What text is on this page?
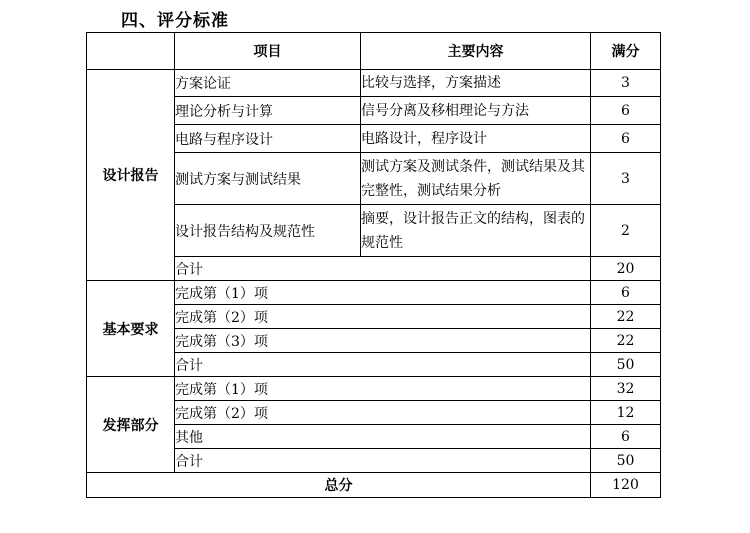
四、评分标准
	项目	主要内容	满分
设计报告	方案论证	比较与选择，方案描述	3
	理论分析与计算	信号分离及移相理论与方法	6
	电路与程序设计	电路设计，程序设计	6
	测试方案与测试结果	测试方案及测试条件，测试结果及其完整性，测试结果分析	3
	设计报告结构及规范性	摘要，设计报告正文的结构，图表的规范性	2
	合计		20
基本要求	完成第（1）项		6
	完成第（2）项		22
	完成第（3）项		22
	合计		50
发挥部分	完成第（1）项		32
	完成第（2）项		12
	其他		6
	合计		50
总分			120
